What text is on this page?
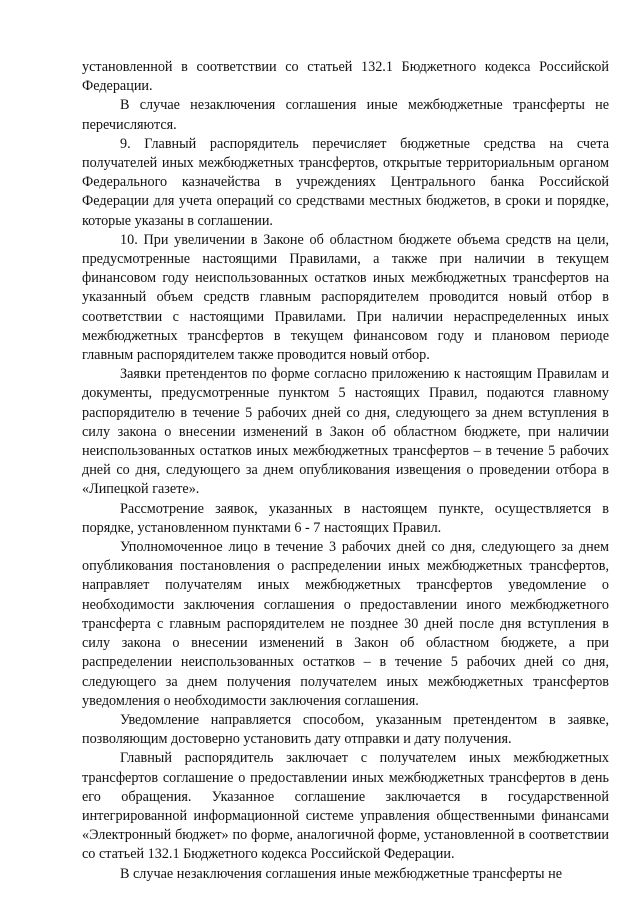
установленной в соответствии со статьей 132.1 Бюджетного кодекса Российской Федерации.

В случае незаключения соглашения иные межбюджетные трансферты не перечисляются.

9. Главный распорядитель перечисляет бюджетные средства на счета получателей иных межбюджетных трансфертов, открытые территориальным органом Федерального казначейства в учреждениях Центрального банка Российской Федерации для учета операций со средствами местных бюджетов, в сроки и порядке, которые указаны в соглашении.

10. При увеличении в Законе об областном бюджете объема средств на цели, предусмотренные настоящими Правилами, а также при наличии в текущем финансовом году неиспользованных остатков иных межбюджетных трансфертов на указанный объем средств главным распорядителем проводится новый отбор в соответствии с настоящими Правилами. При наличии нераспределенных иных межбюджетных трансфертов в текущем финансовом году и плановом периоде главным распорядителем также проводится новый отбор.

Заявки претендентов по форме согласно приложению к настоящим Правилам и документы, предусмотренные пунктом 5 настоящих Правил, подаются главному распорядителю в течение 5 рабочих дней со дня, следующего за днем вступления в силу закона о внесении изменений в Закон об областном бюджете, при наличии неиспользованных остатков иных межбюджетных трансфертов – в течение 5 рабочих дней со дня, следующего за днем опубликования извещения о проведении отбора в «Липецкой газете».

Рассмотрение заявок, указанных в настоящем пункте, осуществляется в порядке, установленном пунктами 6 - 7 настоящих Правил.

Уполномоченное лицо в течение 3 рабочих дней со дня, следующего за днем опубликования постановления о распределении иных межбюджетных трансфертов, направляет получателям иных межбюджетных трансфертов уведомление о необходимости заключения соглашения о предоставлении иного межбюджетного трансферта с главным распорядителем не позднее 30 дней после дня вступления в силу закона о внесении изменений в Закон об областном бюджете, а при распределении неиспользованных остатков – в течение 5 рабочих дней со дня, следующего за днем получения получателем иных межбюджетных трансфертов уведомления о необходимости заключения соглашения.

Уведомление направляется способом, указанным претендентом в заявке, позволяющим достоверно установить дату отправки и дату получения.

Главный распорядитель заключает с получателем иных межбюджетных трансфертов соглашение о предоставлении иных межбюджетных трансфертов в день его обращения. Указанное соглашение заключается в государственной интегрированной информационной системе управления общественными финансами «Электронный бюджет» по форме, аналогичной форме, установленной в соответствии со статьей 132.1 Бюджетного кодекса Российской Федерации.

В случае незаключения соглашения иные межбюджетные трансферты не
